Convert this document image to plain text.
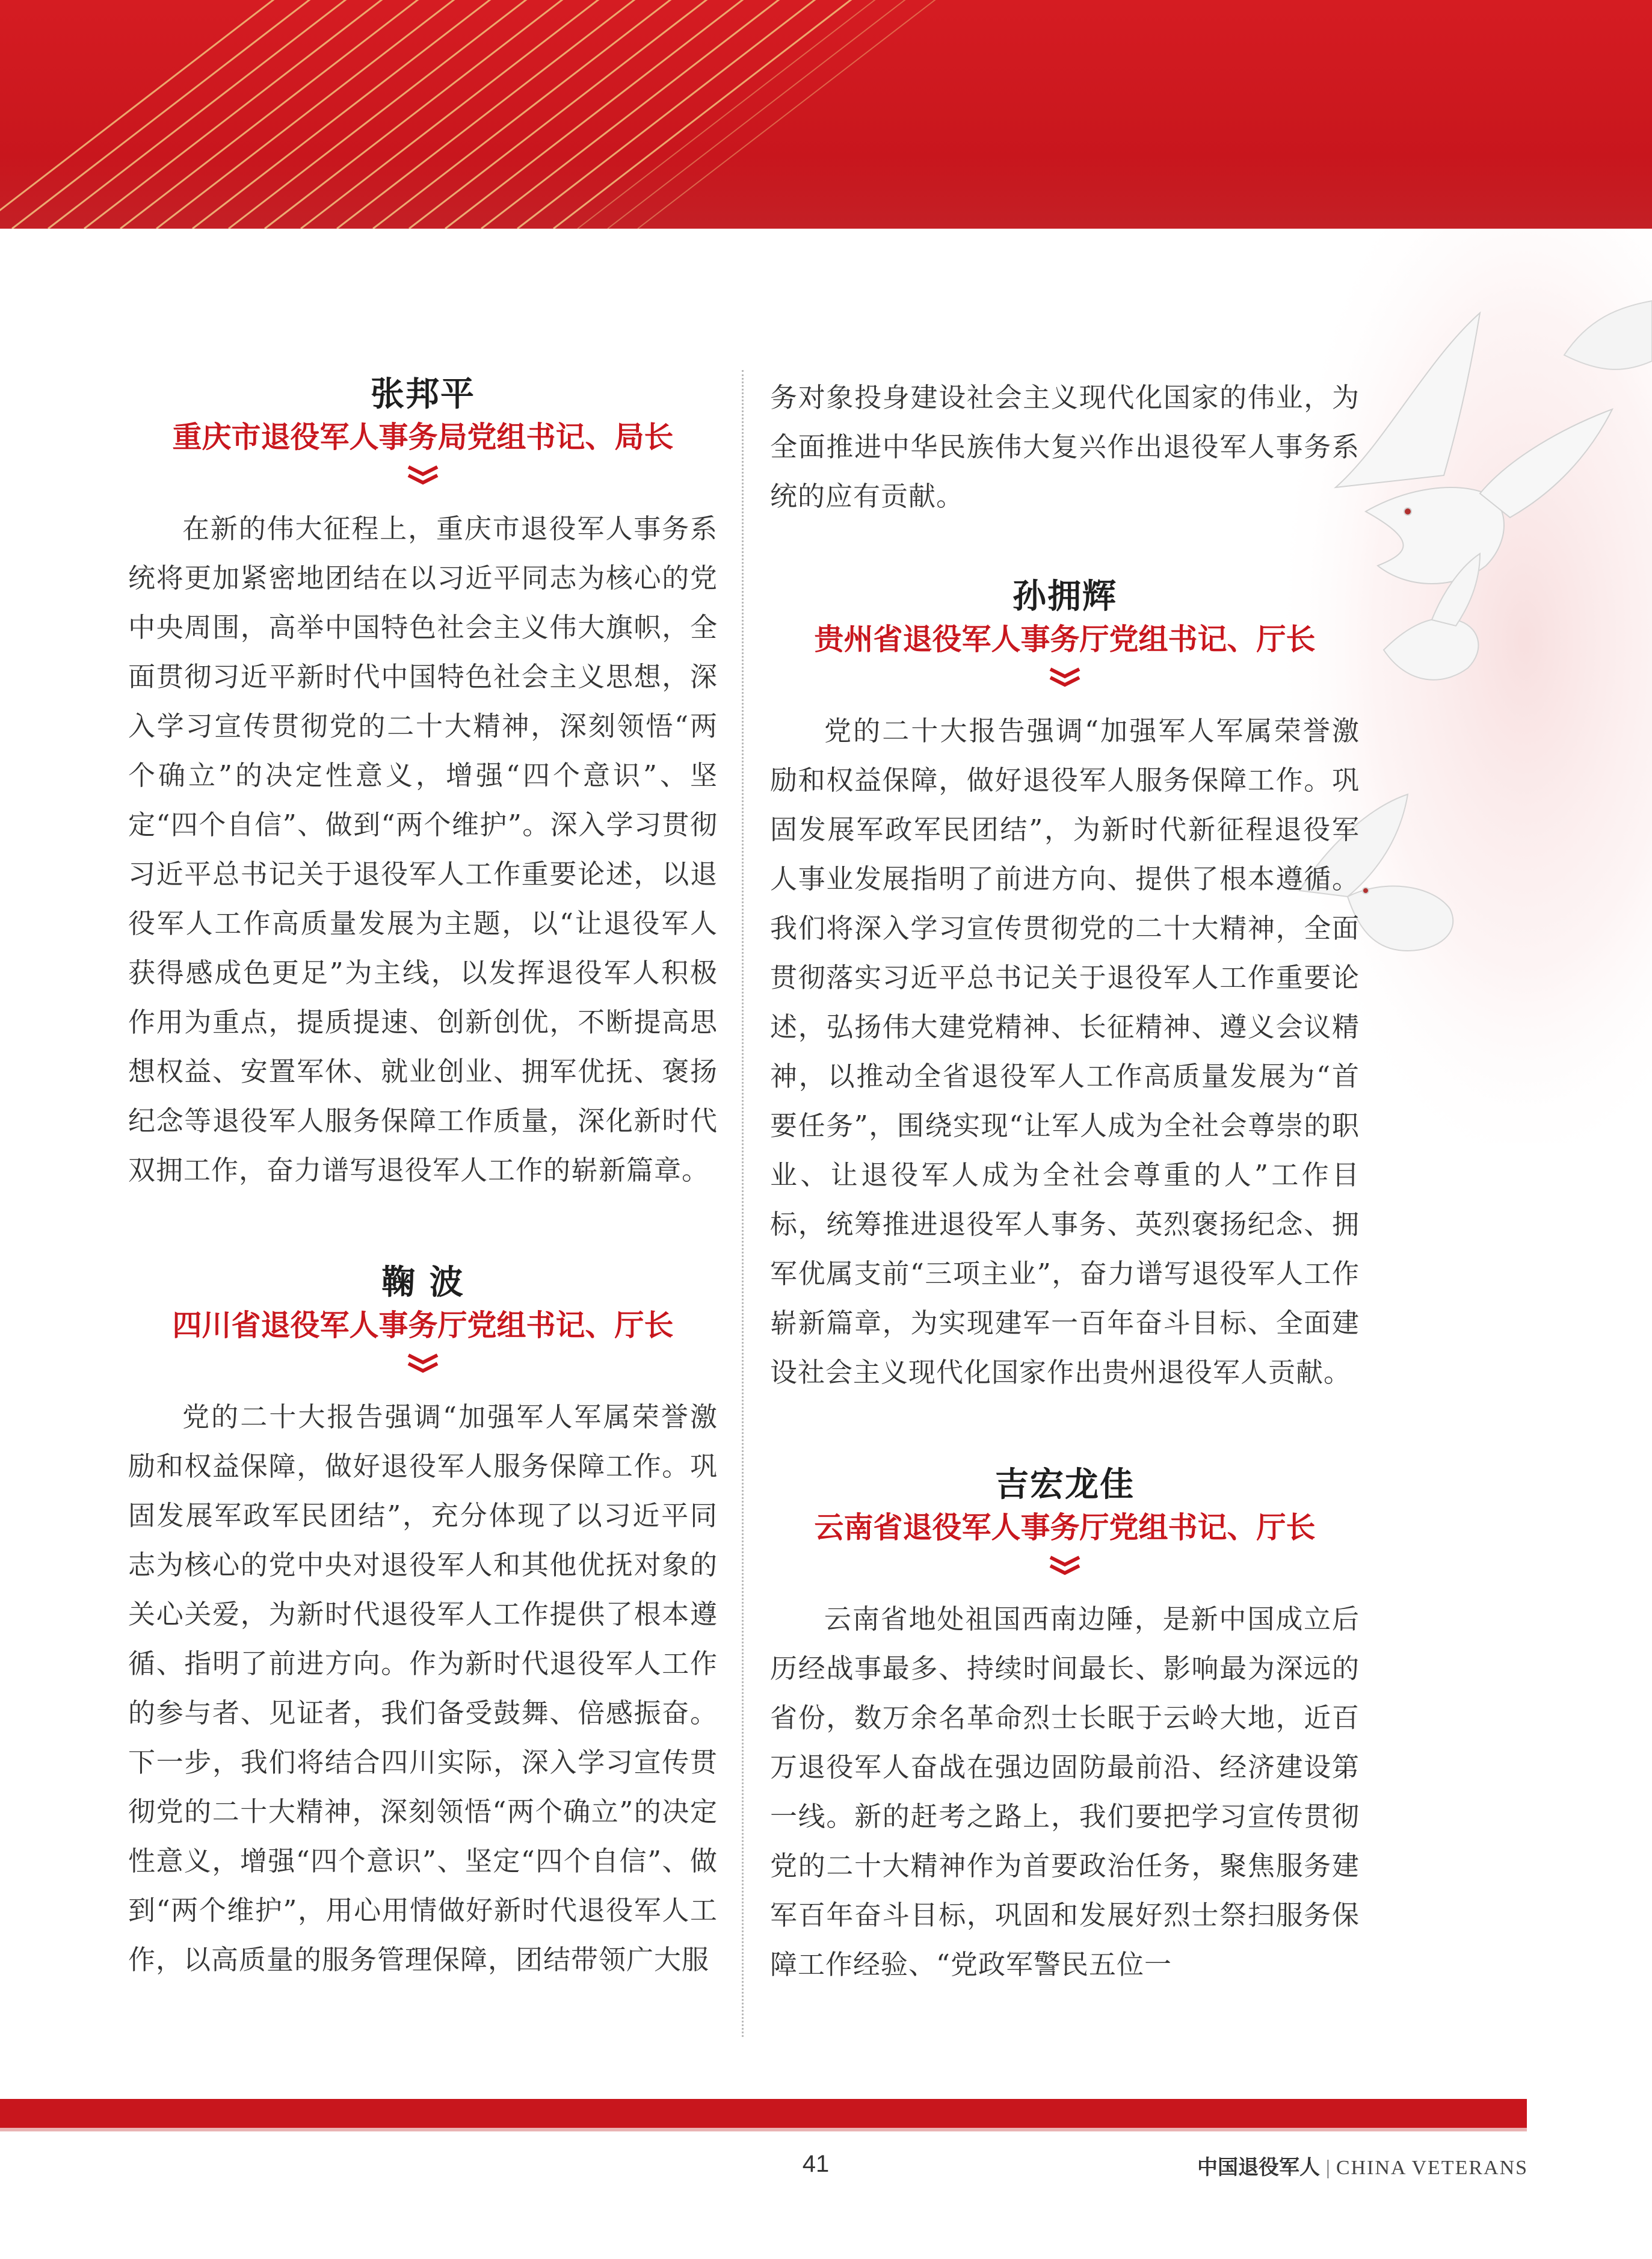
张邦平
重庆市退役军人事务局党组书记、局长

在新的伟大征程上，重庆市退役军人事务系统将更加紧密地团结在以习近平同志为核心的党中央周围，高举中国特色社会主义伟大旗帜，全面贯彻习近平新时代中国特色社会主义思想，深入学习宣传贯彻党的二十大精神，深刻领悟“两个确立”的决定性意义，增强“四个意识”、坚定“四个自信”、做到“两个维护”。深入学习贯彻习近平总书记关于退役军人工作重要论述，以退役军人工作高质量发展为主题，以“让退役军人获得感成色更足”为主线，以发挥退役军人积极作用为重点，提质提速、创新创优，不断提高思想权益、安置军休、就业创业、拥军优抚、褒扬纪念等退役军人服务保障工作质量，深化新时代双拥工作，奋力谱写退役军人工作的崭新篇章。

鞠 波
四川省退役军人事务厅党组书记、厅长

党的二十大报告强调“加强军人军属荣誉激励和权益保障，做好退役军人服务保障工作。巩固发展军政军民团结”，充分体现了以习近平同志为核心的党中央对退役军人和其他优抚对象的关心关爱，为新时代退役军人工作提供了根本遵循、指明了前进方向。作为新时代退役军人工作的参与者、见证者，我们备受鼓舞、倍感振奋。下一步，我们将结合四川实际，深入学习宣传贯彻党的二十大精神，深刻领悟“两个确立”的决定性意义，增强“四个意识”、坚定“四个自信”、做到“两个维护”，用心用情做好新时代退役军人工作，以高质量的服务管理保障，团结带领广大服

务对象投身建设社会主义现代化国家的伟业，为全面推进中华民族伟大复兴作出退役军人事务系统的应有贡献。

孙拥辉
贵州省退役军人事务厅党组书记、厅长

党的二十大报告强调“加强军人军属荣誉激励和权益保障，做好退役军人服务保障工作。巩固发展军政军民团结”，为新时代新征程退役军人事业发展指明了前进方向、提供了根本遵循。我们将深入学习宣传贯彻党的二十大精神，全面贯彻落实习近平总书记关于退役军人工作重要论述，弘扬伟大建党精神、长征精神、遵义会议精神，以推动全省退役军人工作高质量发展为“首要任务”，围绕实现“让军人成为全社会尊崇的职业、让退役军人成为全社会尊重的人”工作目标，统筹推进退役军人事务、英烈褒扬纪念、拥军优属支前“三项主业”，奋力谱写退役军人工作崭新篇章，为实现建军一百年奋斗目标、全面建设社会主义现代化国家作出贵州退役军人贡献。

吉宏龙佳
云南省退役军人事务厅党组书记、厅长

云南省地处祖国西南边陲，是新中国成立后历经战事最多、持续时间最长、影响最为深远的省份，数万余名革命烈士长眠于云岭大地，近百万退役军人奋战在强边固防最前沿、经济建设第一线。新的赶考之路上，我们要把学习宣传贯彻党的二十大精神作为首要政治任务，聚焦服务建军百年奋斗目标，巩固和发展好烈士祭扫服务保障工作经验、“党政军警民五位一

41	中国退役军人 | CHINA VETERANS
